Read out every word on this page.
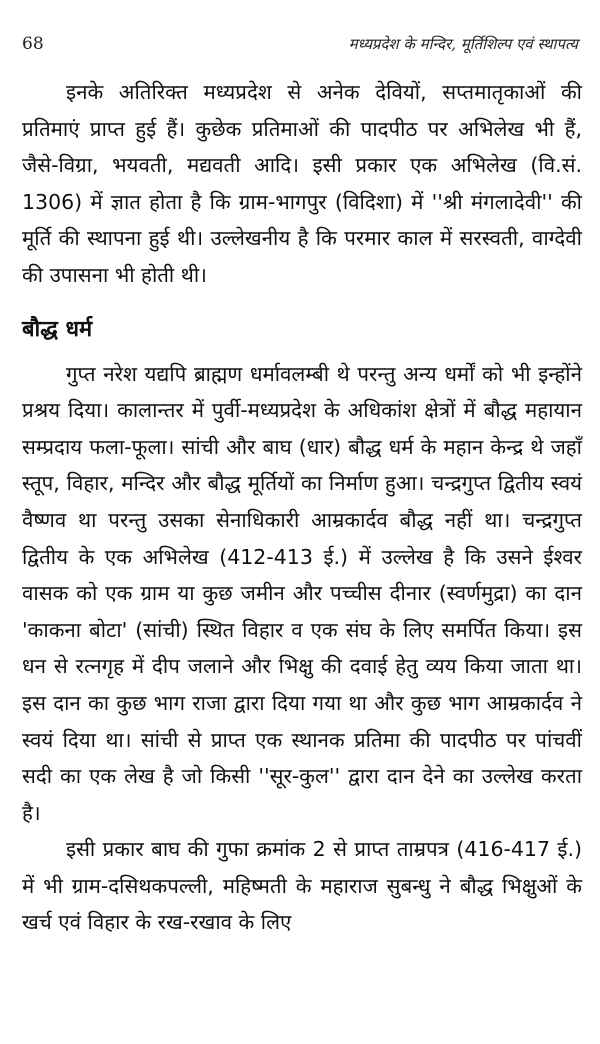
68	मध्यप्रदेश के मन्दिर, मूर्तिशिल्प एवं स्थापत्य

इनके अतिरिक्त मध्यप्रदेश से अनेक देवियों, सप्तमातृकाओं की प्रतिमाएं प्राप्त हुई हैं। कुछेक प्रतिमाओं की पादपीठ पर अभिलेख भी हैं, जैसे-विग्रा, भयवती, मद्यवती आदि। इसी प्रकार एक अभिलेख (वि.सं. 1306) में ज्ञात होता है कि ग्राम-भागपुर (विदिशा) में ''श्री मंगलादेवी'' की मूर्ति की स्थापना हुई थी। उल्लेखनीय है कि परमार काल में सरस्वती, वाग्देवी की उपासना भी होती थी।

बौद्ध धर्म

गुप्त नरेश यद्यपि ब्राह्मण धर्मावलम्बी थे परन्तु अन्य धर्मों को भी इन्होंने प्रश्रय दिया। कालान्तर में पुर्वी-मध्यप्रदेश के अधिकांश क्षेत्रों में बौद्ध महायान सम्प्रदाय फला-फूला। सांची और बाघ (धार) बौद्ध धर्म के महान केन्द्र थे जहाँ स्तूप, विहार, मन्दिर और बौद्ध मूर्तियों का निर्माण हुआ। चन्द्रगुप्त द्वितीय स्वयं वैष्णव था परन्तु उसका सेनाधिकारी आम्रकार्दव बौद्ध नहीं था। चन्द्रगुप्त द्वितीय के एक अभिलेख (412-413 ई.) में उल्लेख है कि उसने ईश्वर वासक को एक ग्राम या कुछ जमीन और पच्चीस दीनार (स्वर्णमुद्रा) का दान 'काकना बोटा' (सांची) स्थित विहार व एक संघ के लिए समर्पित किया। इस धन से रत्नगृह में दीप जलाने और भिक्षु की दवाई हेतु व्यय किया जाता था। इस दान का कुछ भाग राजा द्वारा दिया गया था और कुछ भाग आम्रकार्दव ने स्वयं दिया था। सांची से प्राप्त एक स्थानक प्रतिमा की पादपीठ पर पांचवीं सदी का एक लेख है जो किसी ''सूर-कुल'' द्वारा दान देने का उल्लेख करता है।

इसी प्रकार बाघ की गुफा क्रमांक 2 से प्राप्त ताम्रपत्र (416-417 ई.) में भी ग्राम-दसिथकपल्ली, महिष्मती के महाराज सुबन्धु ने बौद्ध भिक्षुओं के खर्च एवं विहार के रख-रखाव के लिए
